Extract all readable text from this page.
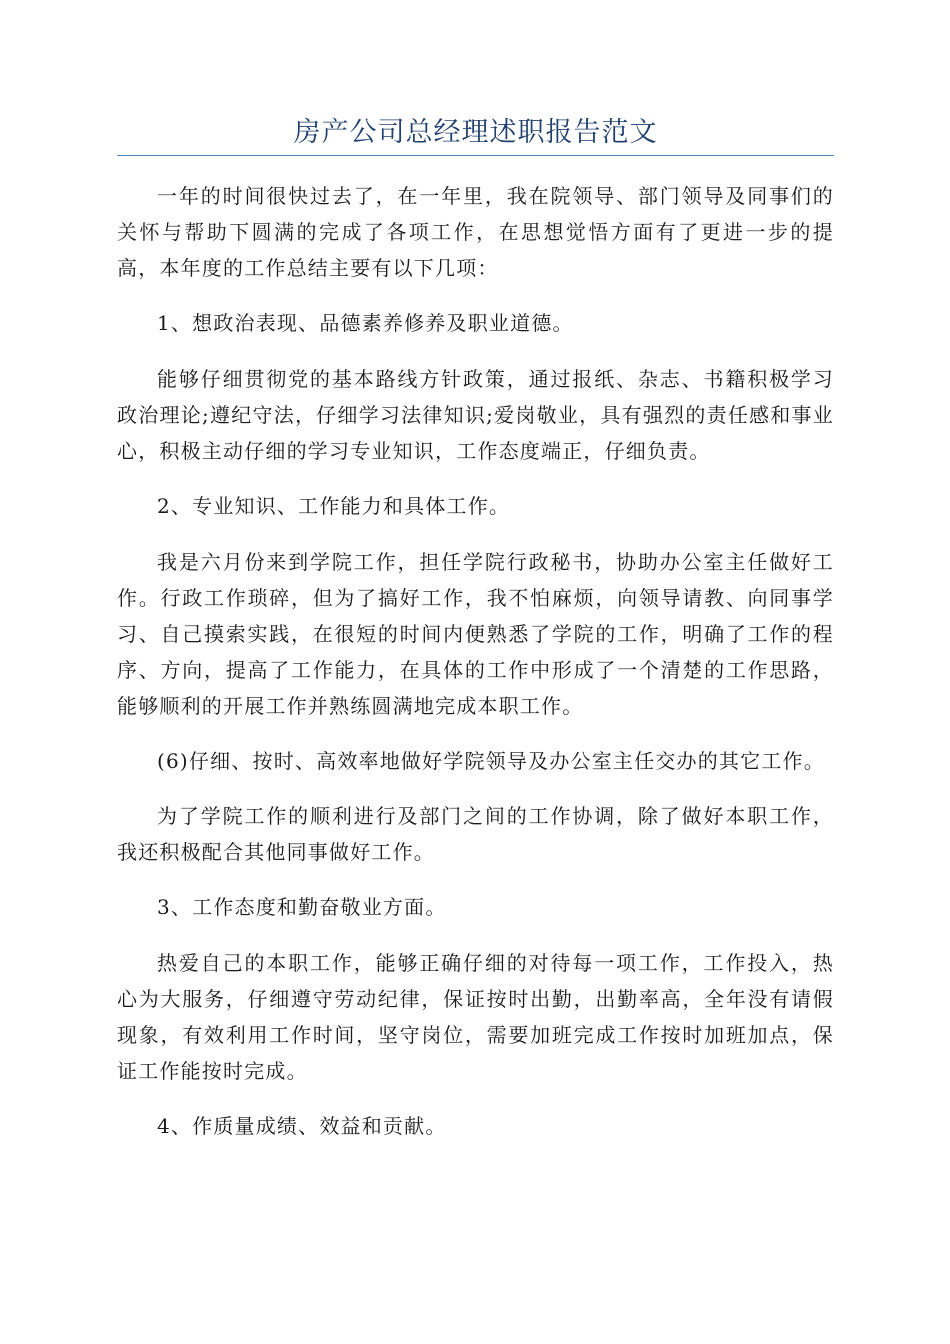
房产公司总经理述职报告范文

一年的时间很快过去了，在一年里，我在院领导、部门领导及同事们的关怀与帮助下圆满的完成了各项工作，在思想觉悟方面有了更进一步的提高，本年度的工作总结主要有以下几项：

1、想政治表现、品德素养修养及职业道德。

能够仔细贯彻党的基本路线方针政策，通过报纸、杂志、书籍积极学习政治理论;遵纪守法，仔细学习法律知识;爱岗敬业，具有强烈的责任感和事业心，积极主动仔细的学习专业知识，工作态度端正，仔细负责。

2、专业知识、工作能力和具体工作。

我是六月份来到学院工作，担任学院行政秘书，协助办公室主任做好工作。行政工作琐碎，但为了搞好工作，我不怕麻烦，向领导请教、向同事学习、自己摸索实践，在很短的时间内便熟悉了学院的工作，明确了工作的程序、方向，提高了工作能力，在具体的工作中形成了一个清楚的工作思路，能够顺利的开展工作并熟练圆满地完成本职工作。

(6)仔细、按时、高效率地做好学院领导及办公室主任交办的其它工作。

为了学院工作的顺利进行及部门之间的工作协调，除了做好本职工作，我还积极配合其他同事做好工作。

3、工作态度和勤奋敬业方面。

热爱自己的本职工作，能够正确仔细的对待每一项工作，工作投入，热心为大服务，仔细遵守劳动纪律，保证按时出勤，出勤率高，全年没有请假现象，有效利用工作时间，坚守岗位，需要加班完成工作按时加班加点，保证工作能按时完成。

4、作质量成绩、效益和贡献。
